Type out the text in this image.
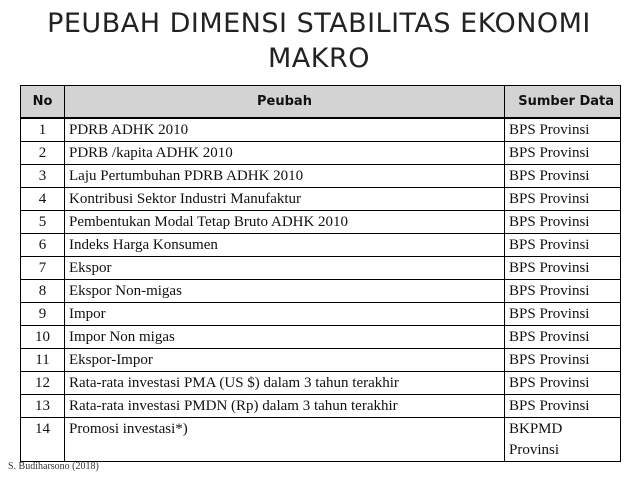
PEUBAH DIMENSI STABILITAS EKONOMI
MAKRO
No	Peubah	Sumber Data
1	PDRB ADHK 2010	BPS Provinsi
2	PDRB /kapita ADHK 2010	BPS Provinsi
3	Laju Pertumbuhan PDRB ADHK 2010	BPS Provinsi
4	Kontribusi Sektor Industri Manufaktur	BPS Provinsi
5	Pembentukan Modal Tetap Bruto ADHK 2010	BPS Provinsi
6	Indeks Harga Konsumen	BPS Provinsi
7	Ekspor	BPS Provinsi
8	Ekspor Non-migas	BPS Provinsi
9	Impor	BPS Provinsi
10	Impor Non migas	BPS Provinsi
11	Ekspor-Impor	BPS Provinsi
12	Rata-rata investasi PMA (US $) dalam 3 tahun terakhir	BPS Provinsi
13	Rata-rata investasi PMDN (Rp) dalam 3 tahun terakhir	BPS Provinsi
14	Promosi investasi*)	BKPMD Provinsi
S. Budiharsono (2018)
